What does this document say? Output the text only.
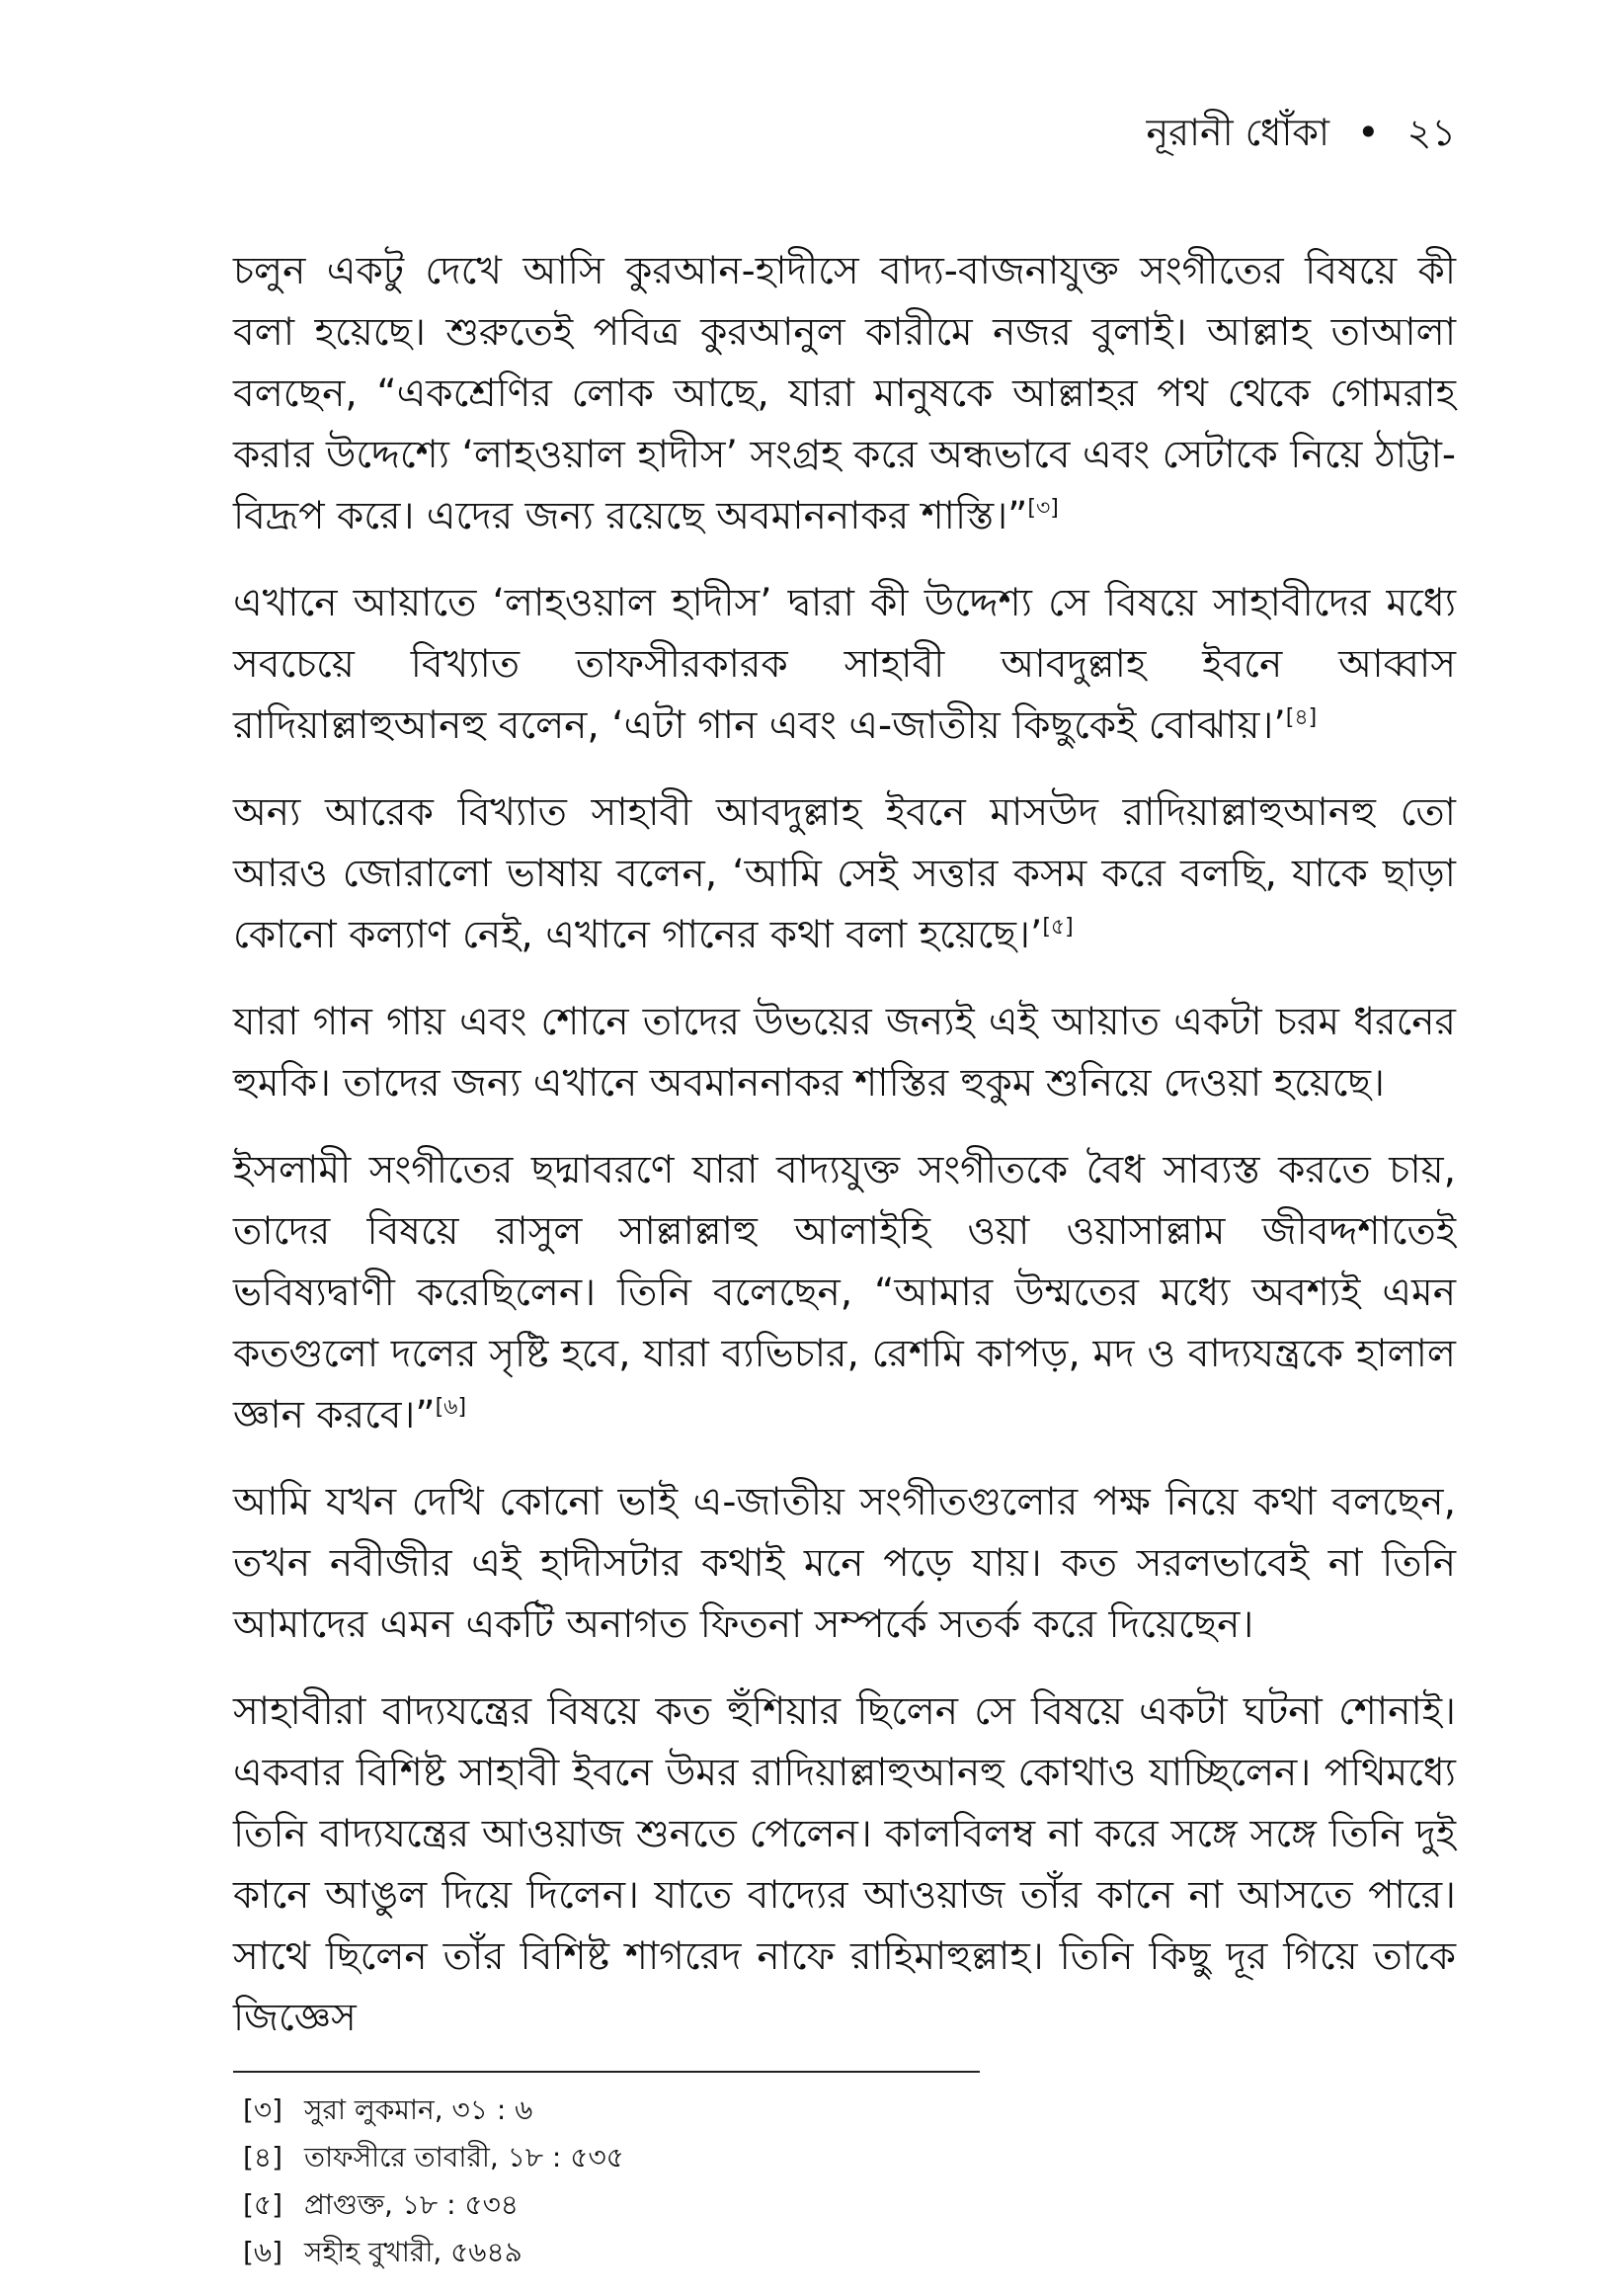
নূরানী ধোঁকা • ২১

চলুন একটু দেখে আসি কুরআন-হাদীসে বাদ্য-বাজনাযুক্ত সংগীতের বিষয়ে কী বলা হয়েছে। শুরুতেই পবিত্র কুরআনুল কারীমে নজর বুলাই। আল্লাহ তাআলা বলছেন, “একশ্রেণির লোক আছে, যারা মানুষকে আল্লাহর পথ থেকে গোমরাহ করার উদ্দেশ্যে ‘লাহওয়াল হাদীস’ সংগ্রহ করে অন্ধভাবে এবং সেটাকে নিয়ে ঠাট্টা-বিদ্রূপ করে। এদের জন্য রয়েছে অবমাননাকর শাস্তি।”[৩]

এখানে আয়াতে ‘লাহওয়াল হাদীস’ দ্বারা কী উদ্দেশ্য সে বিষয়ে সাহাবীদের মধ্যে সবচেয়ে বিখ্যাত তাফসীরকারক সাহাবী আবদুল্লাহ ইবনে আব্বাস রাদিয়াল্লাহুআনহু বলেন, ‘এটা গান এবং এ-জাতীয় কিছুকেই বোঝায়।’[৪]

অন্য আরেক বিখ্যাত সাহাবী আবদুল্লাহ ইবনে মাসউদ রাদিয়াল্লাহুআনহু তো আরও জোরালো ভাষায় বলেন, ‘আমি সেই সত্তার কসম করে বলছি, যাকে ছাড়া কোনো কল্যাণ নেই, এখানে গানের কথা বলা হয়েছে।’[৫]

যারা গান গায় এবং শোনে তাদের উভয়ের জন্যই এই আয়াত একটা চরম ধরনের হুমকি। তাদের জন্য এখানে অবমাননাকর শাস্তির হুকুম শুনিয়ে দেওয়া হয়েছে।

ইসলামী সংগীতের ছদ্মাবরণে যারা বাদ্যযুক্ত সংগীতকে বৈধ সাব্যস্ত করতে চায়, তাদের বিষয়ে রাসুল সাল্লাল্লাহু আলাইহি ওয়া ওয়াসাল্লাম জীবদ্দশাতেই ভবিষ্যদ্বাণী করেছিলেন। তিনি বলেছেন, “আমার উম্মতের মধ্যে অবশ্যই এমন কতগুলো দলের সৃষ্টি হবে, যারা ব্যভিচার, রেশমি কাপড়, মদ ও বাদ্যযন্ত্রকে হালাল জ্ঞান করবে।”[৬]

আমি যখন দেখি কোনো ভাই এ-জাতীয় সংগীতগুলোর পক্ষ নিয়ে কথা বলছেন, তখন নবীজীর এই হাদীসটার কথাই মনে পড়ে যায়। কত সরলভাবেই না তিনি আমাদের এমন একটি অনাগত ফিতনা সম্পর্কে সতর্ক করে দিয়েছেন।

সাহাবীরা বাদ্যযন্ত্রের বিষয়ে কত হুঁশিয়ার ছিলেন সে বিষয়ে একটা ঘটনা শোনাই। একবার বিশিষ্ট সাহাবী ইবনে উমর রাদিয়াল্লাহুআনহু কোথাও যাচ্ছিলেন। পথিমধ্যে তিনি বাদ্যযন্ত্রের আওয়াজ শুনতে পেলেন। কালবিলম্ব না করে সঙ্গে সঙ্গে তিনি দুই কানে আঙুল দিয়ে দিলেন। যাতে বাদ্যের আওয়াজ তাঁর কানে না আসতে পারে। সাথে ছিলেন তাঁর বিশিষ্ট শাগরেদ নাফে রাহিমাহুল্লাহ। তিনি কিছু দূর গিয়ে তাকে জিজ্ঞেস

[৩] সুরা লুকমান, ৩১ : ৬
[৪] তাফসীরে তাবারী, ১৮ : ৫৩৫
[৫] প্রাগুক্ত, ১৮ : ৫৩৪
[৬] সহীহ বুখারী, ৫৬৪৯
